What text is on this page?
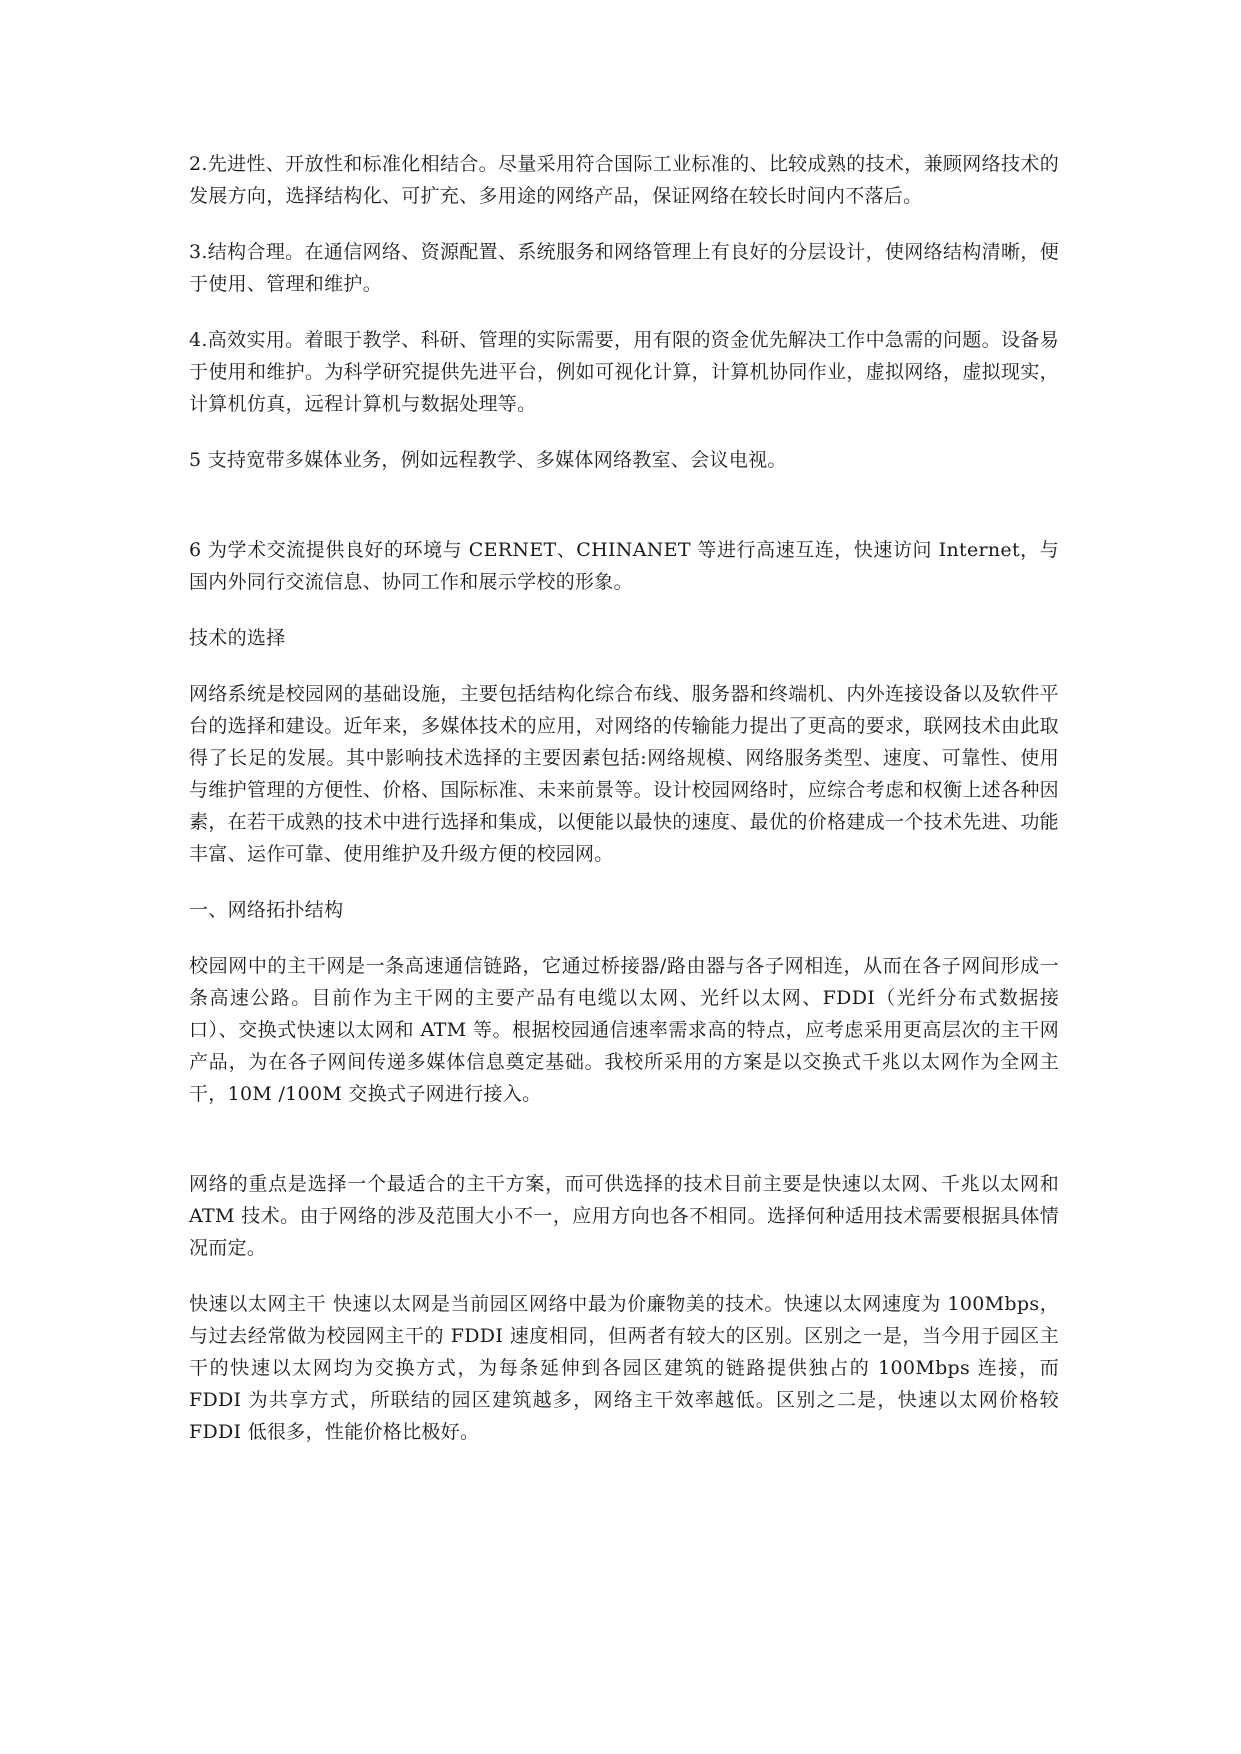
2.先进性、开放性和标准化相结合。尽量采用符合国际工业标准的、比较成熟的技术，兼顾网络技术的发展方向，选择结构化、可扩充、多用途的网络产品，保证网络在较长时间内不落后。

3.结构合理。在通信网络、资源配置、系统服务和网络管理上有良好的分层设计，使网络结构清晰，便于使用、管理和维护。

4.高效实用。着眼于教学、科研、管理的实际需要，用有限的资金优先解决工作中急需的问题。设备易于使用和维护。为科学研究提供先进平台，例如可视化计算，计算机协同作业，虚拟网络，虚拟现实，计算机仿真，远程计算机与数据处理等。

5 支持宽带多媒体业务，例如远程教学、多媒体网络教室、会议电视。

6 为学术交流提供良好的环境与 CERNET、CHINANET 等进行高速互连，快速访问 Internet，与国内外同行交流信息、协同工作和展示学校的形象。

技术的选择

网络系统是校园网的基础设施，主要包括结构化综合布线、服务器和终端机、内外连接设备以及软件平台的选择和建设。近年来，多媒体技术的应用，对网络的传输能力提出了更高的要求，联网技术由此取得了长足的发展。其中影响技术选择的主要因素包括:网络规模、网络服务类型、速度、可靠性、使用与维护管理的方便性、价格、国际标准、未来前景等。设计校园网络时，应综合考虑和权衡上述各种因素，在若干成熟的技术中进行选择和集成，以便能以最快的速度、最优的价格建成一个技术先进、功能丰富、运作可靠、使用维护及升级方便的校园网。

一、网络拓扑结构

校园网中的主干网是一条高速通信链路，它通过桥接器/路由器与各子网相连，从而在各子网间形成一条高速公路。目前作为主干网的主要产品有电缆以太网、光纤以太网、FDDI（光纤分布式数据接口）、交换式快速以太网和 ATM 等。根据校园通信速率需求高的特点，应考虑采用更高层次的主干网产品，为在各子网间传递多媒体信息奠定基础。我校所采用的方案是以交换式千兆以太网作为全网主干，10M /100M 交换式子网进行接入。

网络的重点是选择一个最适合的主干方案，而可供选择的技术目前主要是快速以太网、千兆以太网和 ATM 技术。由于网络的涉及范围大小不一，应用方向也各不相同。选择何种适用技术需要根据具体情况而定。

快速以太网主干 快速以太网是当前园区网络中最为价廉物美的技术。快速以太网速度为 100Mbps，与过去经常做为校园网主干的 FDDI 速度相同，但两者有较大的区别。区别之一是，当今用于园区主干的快速以太网均为交换方式，为每条延伸到各园区建筑的链路提供独占的 100Mbps 连接，而 FDDI 为共享方式，所联结的园区建筑越多，网络主干效率越低。区别之二是，快速以太网价格较 FDDI 低很多，性能价格比极好。
